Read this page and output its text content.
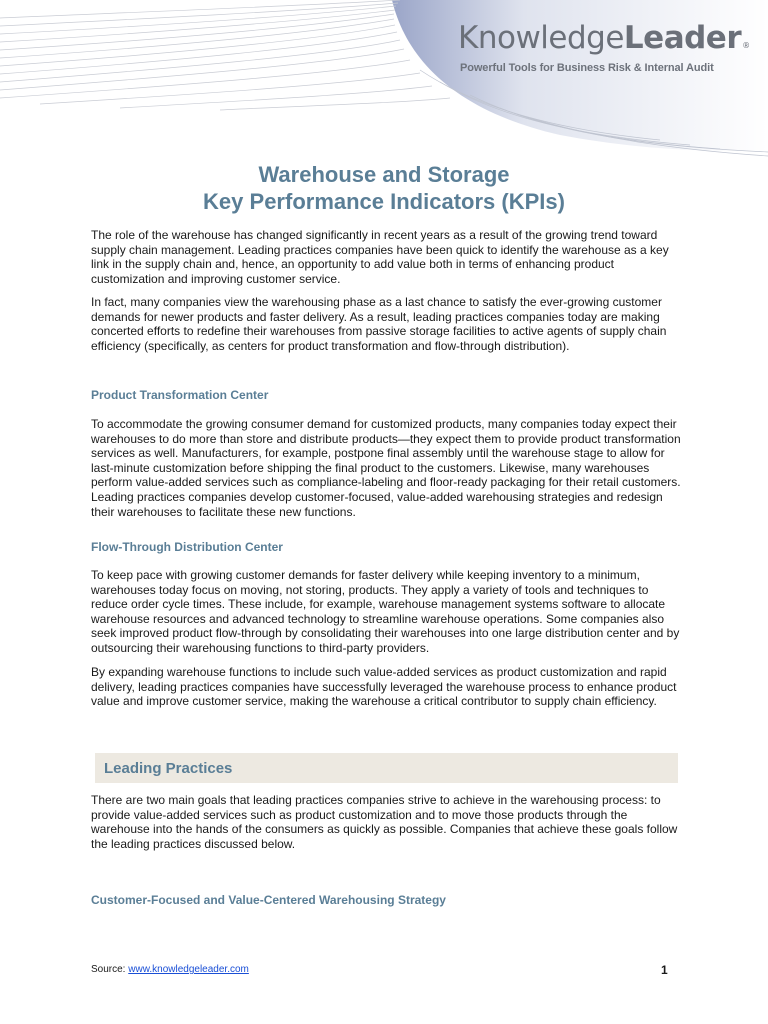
KnowledgeLeader®
Powerful Tools for Business Risk & Internal Audit
Warehouse and Storage
Key Performance Indicators (KPIs)

The role of the warehouse has changed significantly in recent years as a result of the growing trend toward supply chain management. Leading practices companies have been quick to identify the warehouse as a key link in the supply chain and, hence, an opportunity to add value both in terms of enhancing product customization and improving customer service.

In fact, many companies view the warehousing phase as a last chance to satisfy the ever-growing customer demands for newer products and faster delivery. As a result, leading practices companies today are making concerted efforts to redefine their warehouses from passive storage facilities to active agents of supply chain efficiency (specifically, as centers for product transformation and flow-through distribution).

Product Transformation Center

To accommodate the growing consumer demand for customized products, many companies today expect their warehouses to do more than store and distribute products—they expect them to provide product transformation services as well. Manufacturers, for example, postpone final assembly until the warehouse stage to allow for last-minute customization before shipping the final product to the customers. Likewise, many warehouses perform value-added services such as compliance-labeling and floor-ready packaging for their retail customers. Leading practices companies develop customer-focused, value-added warehousing strategies and redesign their warehouses to facilitate these new functions.

Flow-Through Distribution Center

To keep pace with growing customer demands for faster delivery while keeping inventory to a minimum, warehouses today focus on moving, not storing, products. They apply a variety of tools and techniques to reduce order cycle times. These include, for example, warehouse management systems software to allocate warehouse resources and advanced technology to streamline warehouse operations. Some companies also seek improved product flow-through by consolidating their warehouses into one large distribution center and by outsourcing their warehousing functions to third-party providers.

By expanding warehouse functions to include such value-added services as product customization and rapid delivery, leading practices companies have successfully leveraged the warehouse process to enhance product value and improve customer service, making the warehouse a critical contributor to supply chain efficiency.

Leading Practices

There are two main goals that leading practices companies strive to achieve in the warehousing process: to provide value-added services such as product customization and to move those products through the warehouse into the hands of the consumers as quickly as possible. Companies that achieve these goals follow the leading practices discussed below.

Customer-Focused and Value-Centered Warehousing Strategy
Source: www.knowledgeleader.com	1
